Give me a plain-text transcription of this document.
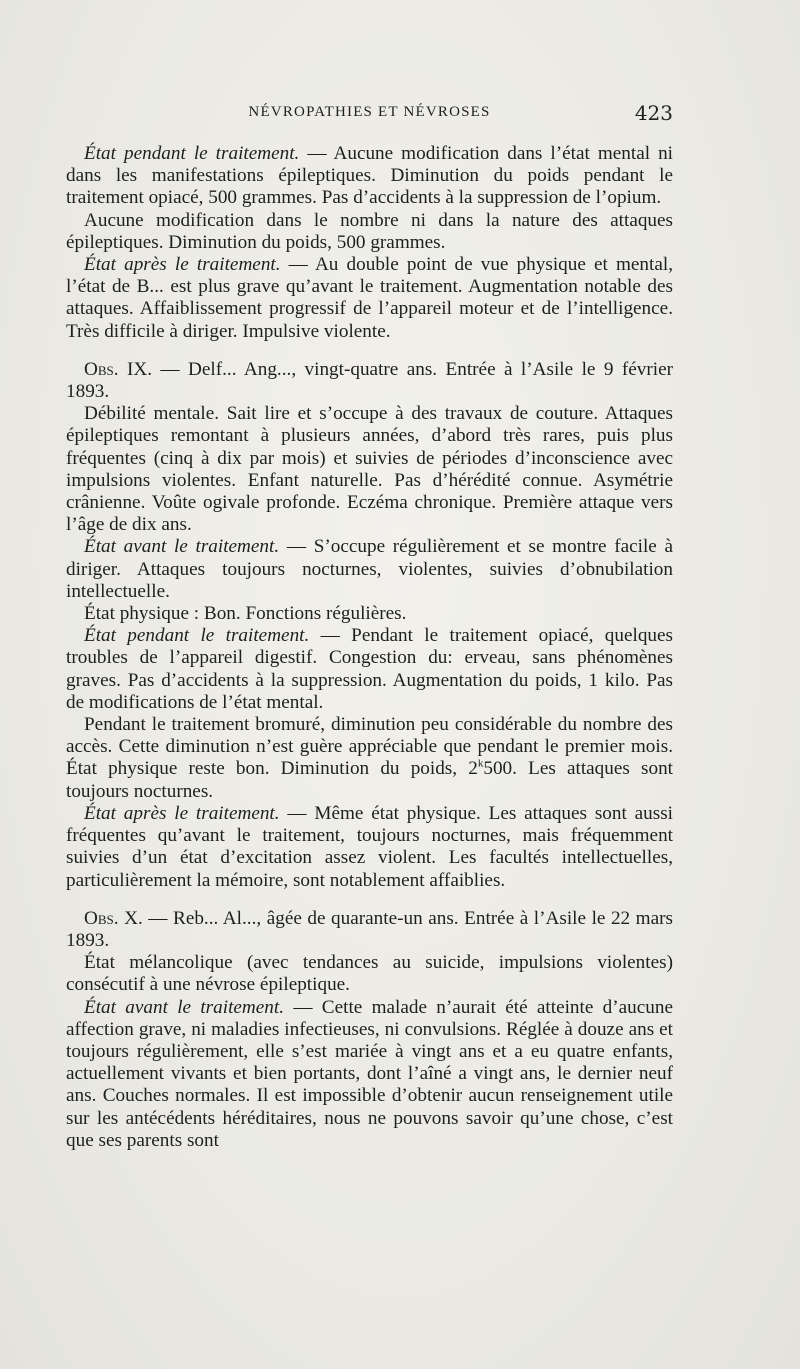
NÉVROPATHIES ET NÉVROSES	423

État pendant le traitement. — Aucune modification dans l’état mental ni dans les manifestations épileptiques. Diminution du poids pendant le traitement opiacé, 500 grammes. Pas d’accidents à la suppression de l’opium.

Aucune modification dans le nombre ni dans la nature des attaques épileptiques. Diminution du poids, 500 grammes.

État après le traitement. — Au double point de vue physique et mental, l’état de B... est plus grave qu’avant le traitement. Augmentation notable des attaques. Affaiblissement progressif de l’appareil moteur et de l’intelligence. Très difficile à diriger. Impulsive violente.

Obs. IX. — Delf... Ang..., vingt-quatre ans. Entrée à l’Asile le 9 février 1893.

Débilité mentale. Sait lire et s’occupe à des travaux de couture. Attaques épileptiques remontant à plusieurs années, d’abord très rares, puis plus fréquentes (cinq à dix par mois) et suivies de périodes d’inconscience avec impulsions violentes. Enfant naturelle. Pas d’hérédité connue. Asymétrie crânienne. Voûte ogivale profonde. Eczéma chronique. Première attaque vers l’âge de dix ans.

État avant le traitement. — S’occupe régulièrement et se montre facile à diriger. Attaques toujours nocturnes, violentes, suivies d’obnubilation intellectuelle.

État physique : Bon. Fonctions régulières.

État pendant le traitement. — Pendant le traitement opiacé, quelques troubles de l’appareil digestif. Congestion du: erveau, sans phénomènes graves. Pas d’accidents à la suppression. Augmentation du poids, 1 kilo. Pas de modifications de l’état mental.

Pendant le traitement bromuré, diminution peu considérable du nombre des accès. Cette diminution n’est guère appréciable que pendant le premier mois. État physique reste bon. Diminution du poids, 2$^k$500. Les attaques sont toujours nocturnes.

État après le traitement. — Même état physique. Les attaques sont aussi fréquentes qu’avant le traitement, toujours nocturnes, mais fréquemment suivies d’un état d’excitation assez violent. Les facultés intellectuelles, particulièrement la mémoire, sont notablement affaiblies.

Obs. X. — Reb... Al..., âgée de quarante-un ans. Entrée à l’Asile le 22 mars 1893.

État mélancolique (avec tendances au suicide, impulsions violentes) consécutif à une névrose épileptique.

État avant le traitement. — Cette malade n’aurait été atteinte d’aucune affection grave, ni maladies infectieuses, ni convulsions. Réglée à douze ans et toujours régulièrement, elle s’est mariée à vingt ans et a eu quatre enfants, actuellement vivants et bien portants, dont l’aîné a vingt ans, le dernier neuf ans. Couches normales. Il est impossible d’obtenir aucun renseignement utile sur les antécédents héréditaires, nous ne pouvons savoir qu’une chose, c’est que ses parents sont
